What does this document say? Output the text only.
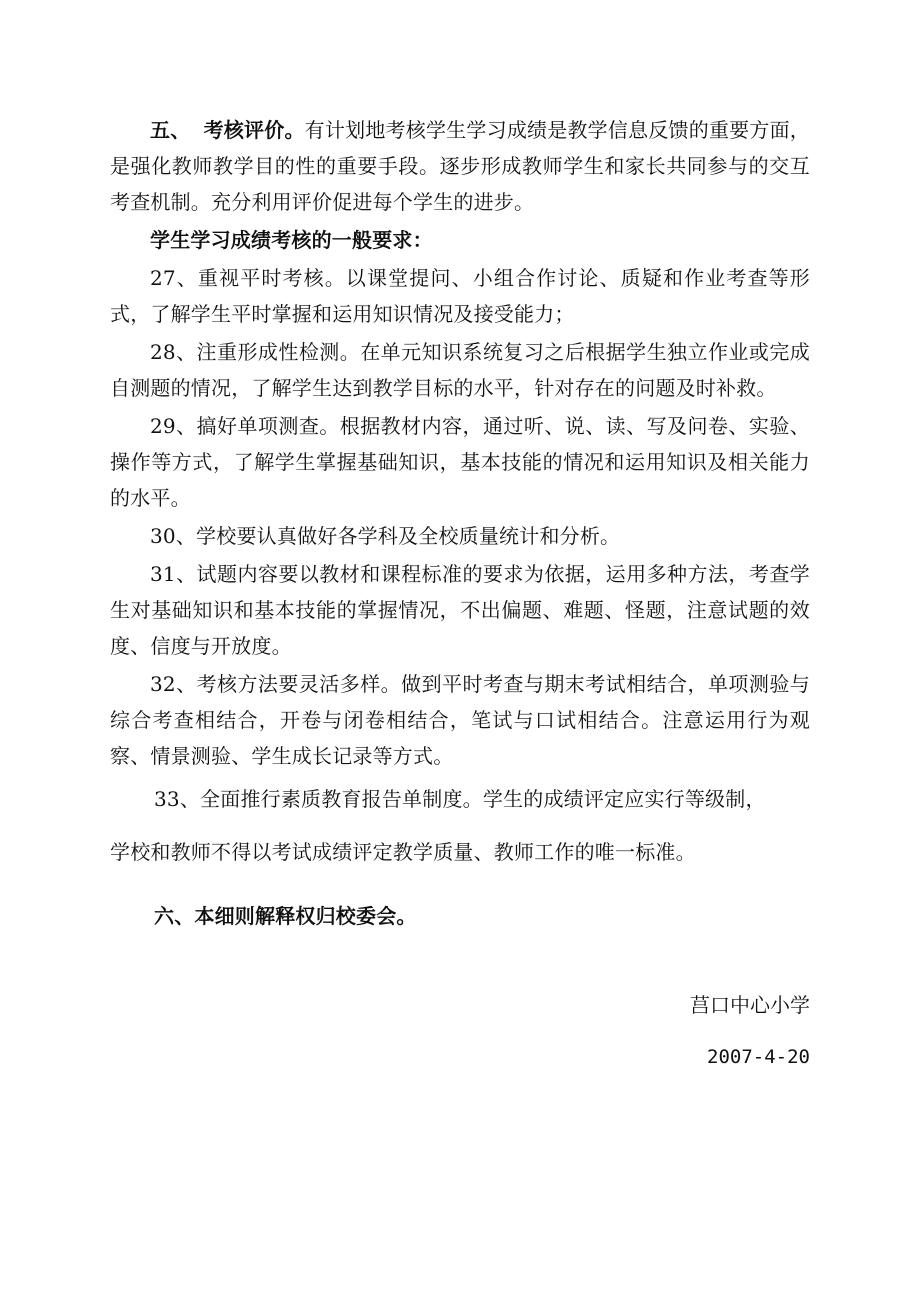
五、 考核评价。有计划地考核学生学习成绩是教学信息反馈的重要方面，是强化教师教学目的性的重要手段。逐步形成教师学生和家长共同参与的交互考查机制。充分利用评价促进每个学生的进步。

学生学习成绩考核的一般要求：

27、重视平时考核。以课堂提问、小组合作讨论、质疑和作业考查等形式，了解学生平时掌握和运用知识情况及接受能力；

28、注重形成性检测。在单元知识系统复习之后根据学生独立作业或完成自测题的情况，了解学生达到教学目标的水平，针对存在的问题及时补救。

29、搞好单项测查。根据教材内容，通过听、说、读、写及问卷、实验、操作等方式，了解学生掌握基础知识，基本技能的情况和运用知识及相关能力的水平。

30、学校要认真做好各学科及全校质量统计和分析。

31、试题内容要以教材和课程标准的要求为依据，运用多种方法，考查学生对基础知识和基本技能的掌握情况，不出偏题、难题、怪题，注意试题的效度、信度与开放度。

32、考核方法要灵活多样。做到平时考查与期末考试相结合，单项测验与综合考查相结合，开卷与闭卷相结合，笔试与口试相结合。注意运用行为观察、情景测验、学生成长记录等方式。

33、全面推行素质教育报告单制度。学生的成绩评定应实行等级制，

学校和教师不得以考试成绩评定教学质量、教师工作的唯一标准。

六、本细则解释权归校委会。

莒口中心小学
2007-4-20
